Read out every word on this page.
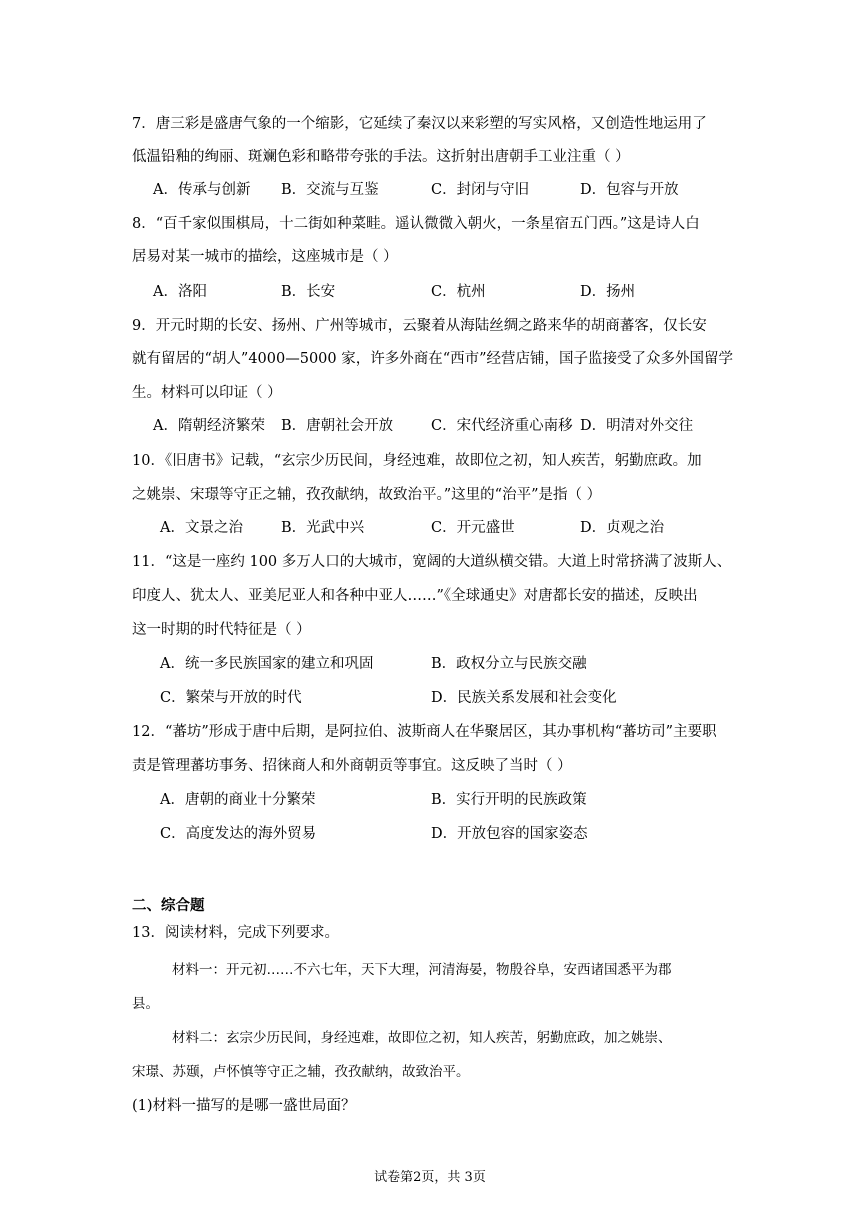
7．唐三彩是盛唐气象的一个缩影，它延续了秦汉以来彩塑的写实风格，又创造性地运用了
低温铅釉的绚丽、斑斓色彩和略带夸张的手法。这折射出唐朝手工业注重（ ）
A．传承与创新 B．交流与互鉴	C．封闭与守旧	D．包容与开放
8．“百千家似围棋局，十二街如种菜畦。遥认微微入朝火，一条星宿五门西。”这是诗人白
居易对某一城市的描绘，这座城市是（ ）
A．洛阳	B．长安	C．杭州	D．扬州
9．开元时期的长安、扬州、广州等城市，云聚着从海陆丝绸之路来华的胡商蕃客，仅长安
就有留居的“胡人”4000—5000 家，许多外商在“西市”经营店铺，国子监接受了众多外国留学
生。材料可以印证（ ）
A．隋朝经济繁荣 B．唐朝社会开放	C．宋代经济重心南移 D．明清对外交往
10．《旧唐书》记载，“玄宗少历民间，身经迍难，故即位之初，知人疾苦，躬勤庶政。加
之姚崇、宋璟等守正之辅，孜孜献纳，故致治平。”这里的“治平”是指（ ）
A．文景之治	B．光武中兴	C．开元盛世	D．贞观之治
11．“这是一座约 100 多万人口的大城市，宽阔的大道纵横交错。大道上时常挤满了波斯人、
印度人、犹太人、亚美尼亚人和各种中亚人……”《全球通史》对唐都长安的描述，反映出
这一时期的时代特征是（ ）
A．统一多民族国家的建立和巩固	B．政权分立与民族交融
C．繁荣与开放的时代	D．民族关系发展和社会变化
12．“蕃坊”形成于唐中后期，是阿拉伯、波斯商人在华聚居区，其办事机构“蕃坊司”主要职
责是管理蕃坊事务、招徕商人和外商朝贡等事宜。这反映了当时（ ）
A．唐朝的商业十分繁荣	B．实行开明的民族政策
C．高度发达的海外贸易	D．开放包容的国家姿态
二、综合题
13．阅读材料，完成下列要求。
材料一：开元初……不六七年，天下大理，河清海晏，物殷谷阜，安西诸国悉平为郡
县。
材料二：玄宗少历民间，身经迍难，故即位之初，知人疾苦，躬勤庶政，加之姚崇、
宋璟、苏颋，卢怀慎等守正之辅，孜孜献纳，故致治平。
(1)材料一描写的是哪一盛世局面？
试卷第2页，共 3页
